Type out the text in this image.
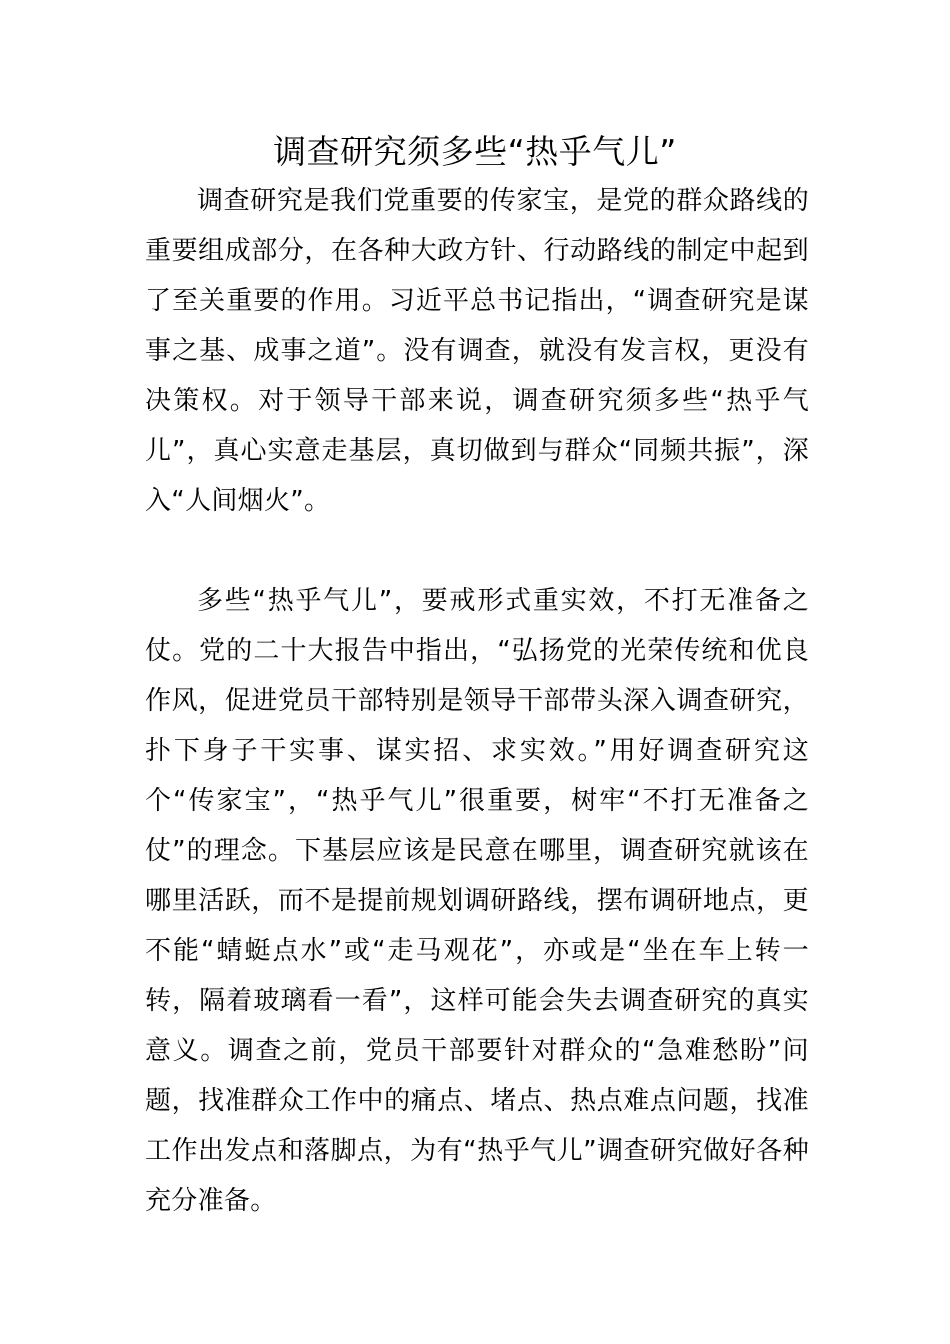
调查研究须多些“热乎气儿”

调查研究是我们党重要的传家宝，是党的群众路线的重要组成部分，在各种大政方针、行动路线的制定中起到了至关重要的作用。习近平总书记指出，“调查研究是谋事之基、成事之道”。没有调查，就没有发言权，更没有决策权。对于领导干部来说，调查研究须多些“热乎气儿”，真心实意走基层，真切做到与群众“同频共振”，深入“人间烟火”。

多些“热乎气儿”，要戒形式重实效，不打无准备之仗。党的二十大报告中指出，“弘扬党的光荣传统和优良作风，促进党员干部特别是领导干部带头深入调查研究，扑下身子干实事、谋实招、求实效。”用好调查研究这个“传家宝”，“热乎气儿”很重要，树牢“不打无准备之仗”的理念。下基层应该是民意在哪里，调查研究就该在哪里活跃，而不是提前规划调研路线，摆布调研地点，更不能“蜻蜓点水”或“走马观花”，亦或是“坐在车上转一转，隔着玻璃看一看”，这样可能会失去调查研究的真实意义。调查之前，党员干部要针对群众的“急难愁盼”问题，找准群众工作中的痛点、堵点、热点难点问题，找准工作出发点和落脚点，为有“热乎气儿”调查研究做好各种充分准备。
